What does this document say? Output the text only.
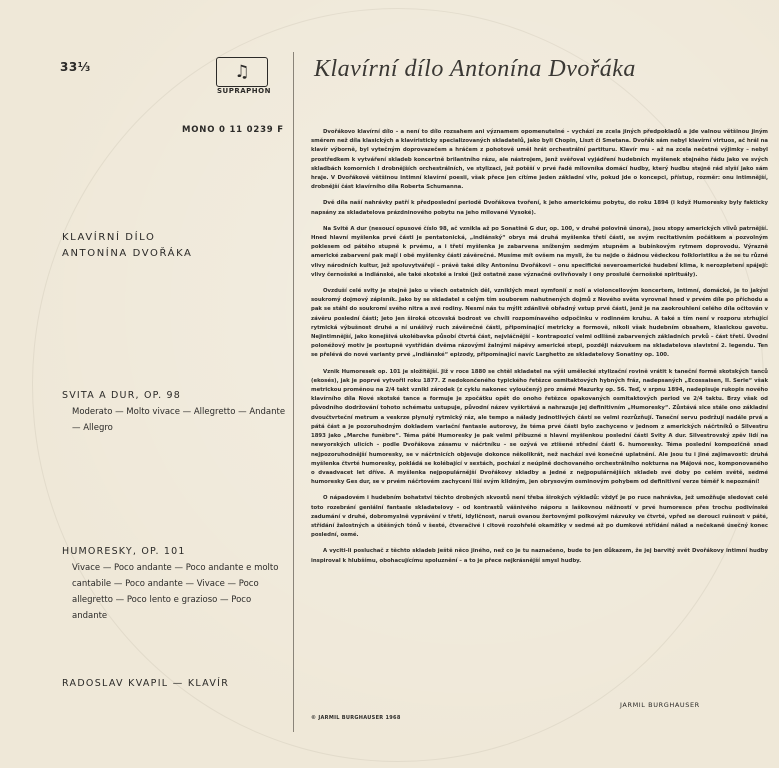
33⅓	♫
SUPRAPHON
MONO 0 11 0239 F
KLAVÍRNÍ DÍLO
ANTONÍNA DVOŘÁKA
SVITA A DUR, OP. 98
Moderato — Molto vivace — Allegretto — Andante — Allegro
HUMORESKY, OP. 101
Vivace — Poco andante — Poco andante e molto cantabile — Poco andante — Vivace — Poco allegretto — Poco lento e grazioso — Poco andante
RADOSLAV KVAPIL — KLAVÍR
Klavírní dílo Antonína Dvořáka

Dvořákovo klavírní dílo – a není to dílo rozsahem ani významem opomenutelné – vychází ze zcela jiných předpokladů a jde valnou většinou jiným směrem než díla klasických a klavíristicky specializovaných skladatelů, jako byli Chopin, Liszt či Smetana. Dvořák sám nebyl klavírní virtuos, ač hrál na klavír výborně, byl vytečným doprovazečem a hráčem z pohotově uměl hrát orchestrální partituru. Klavír mu – až na zcela nečetné výjimky – nebyl prostředkem k vytváření skladeb koncertně brilantního rázu, ale nástrojem, jenž svěřoval vyjádření hudebních myšlenek stejného řádu jako ve svých skladbách komorních i drobnějších orchestrálních, ve stylizaci, jež potěší v prvé řadě milovníka domácí hudby, který hudbu stejně rád slyší jako sám hraje. V Dvořákově většinou intimní klavírní poesii, však přece jen cítíme jeden základní vliv, pokud jde o koncepci, přístup, rozměr: onu intimnější, drobnější část klavírního díla Roberta Schumanna.

Dvě díla naší nahrávky patří k předposlední periodě Dvořákova tvoření, k jeho americkému pobytu, do roku 1894 (i když Humoresky byly fakticky napsány za skladatelova prázdninového pobytu na jeho milované Vysoké).

Na Svitě A dur (nesoucí opusové číslo 98, ač vznikla až po Sonatině G dur, op. 100, v druhé polovině února), jsou stopy amerických vlivů patrnější. Hned hlavní myšlenka prvé části je pentatonická, „indiánský“ obrys má druhá myšlenka třetí části, se svým recitativním počátkem a pozvolným poklesem od pátého stupně k prvému, a i třetí myšlenka je zabarvena sníženým sedmým stupněm a bubínkovým rytmem doprovodu. Výrazně americké zabarvení pak mají i obě myšlenky části závěrečné. Musíme mít ovšem na mysli, že tu nejde o žádnou vědeckou folkloristiku a že se tu různé vlivy národních kultur, jež spoluvytvářejí – právě také díky Antonínu Dvořákovi – onu specifické severoamerické hudební klima, k nerozpletení spájejí: vlivy černošské a indiánské, ale také skotské a irské (jež ostatně zase význačně ovlivňovaly i ony proslulé černošské spirituály).

Ovzduší celé svity je stejně jako u všech ostatních děl, vzniklých mezi symfonií z nolí a violoncellovým koncertem, intimní, domácké, je to jakýsi soukromý dojmový zápisník. Jako by se skladatel s celým tím souborem nahutnených dojmů z Nového světa vyrovnal hned v prvém díle po příchodu a pak se stáhl do soukromí svého nitra a své rodiny. Nesmí nás tu mýlit zdánlivě obřadný vstup prvé části, jenž je na zaokrouhlení celého díla očitován v závěru poslední části; jeto jen široká otcovská bodrost ve chvíli rozpomínavého odpočinku v rodinném kruhu. A také s tím není v rozporu strhující rytmická výbušnost druhé a ní unášivý ruch závěrečné části, připomínající metricky a formově, nikoli však hudebním obsahem, klasickou gavotu. Nejintimnější, jako konejšivá ukolébavka působí čtvrtá část, nejvláčnější – kontrapozicí velmi odlišně zabarvených základních prvků – část třetí. Úvodní polonéžový motiv je postupně vystřídán dvěma rázovými žalnými nápěvy americké stepi, později názvukem na skladatelova slavistní 2. legendu. Ten se přelévá do nové varianty prvé „indiánské“ epizody, připomínající navíc Larghetto ze skladatelovy Sonatiny op. 100.

Vznik Humoresek op. 101 je složitější. Již v roce 1880 se chtěl skladatel na výši umělecké stylizační rovině vrátit k taneční formě skotských tanců (ekosés), jak je poprvé vytvořil roku 1877. Z nedokončeného typického řetězce osmitaktových hybných fráz, nadepsaných „Ecossaisen, II. Serie“ však metrickou proměnou na 2/4 takt vznikl zárodek (z cyklu nakonec vyloučený) pro známé Mazurky op. 56. Teď, v srpnu 1894, nadepisuje rukopis nového klavírního díla Nové skotské tance a formuje je zpočátku opět do onoho řetězce opakovaných osmitaktových period ve 2/4 taktu. Brzy však od původního dodržování tohoto schématu ustupuje, původní název vyškrtává a nahrazuje jej definitivním „Humoresky“. Zůstává sice stále ono základní dvoučtvrteční metrum a veskrze plynulý rytmický ráz, ale tempo a nálady jednotlivých částí se velmi rozrůzňují. Taneční servu podržují nadále prvá a pátá část a je pozoruhodným dokladem variační fantasie autorovy, že téma prvé části bylo zachyceno v jednom z amerických náčrtníků o Silvestru 1893 jako „Marche funèbre“. Téma páté Humoresky je pak velmi příbuzné s hlavní myšlenkou poslední části Svity A dur. Silvestrovský zpěv lidí na newyorských ulicích – podle Dvořákova zásamu v náčrtníku – se ozývá ve ztišené střední části 6. humoresky. Téma poslední kompozičně snad nejpozoruhodnější humoresky, se v náčrtnicích objevuje dokonce několikrát, než nachází své konečné uplatnění. Ale jsou tu i jiné zajímavosti: druhá myšlenka čtvrté humoresky, pokládá se kolébající v sextách, pochází z neúplně dochovaného orchestrálního nokturna na Májová noc, komponovaného o dvaadvacet let dříve. A myšlenka nejpopulárnější Dvořákovy skladby a jedné z nejpopulárnějších skladeb své doby po celém světě, sedmé humoresky Ges dur, se v prvém náčrtovém zachycení liší svým klidným, jen obrysovým osminovým pohybem od definitivní verze téměř k nepoznání!

O nápadovém i hudebním bohatství těchto drobných skvostů není třeba širokých výkladů: vždyť je po ruce nahrávka, jež umožňuje sledovat celé toto rozebrání geniální fantasie skladatelovy – od kontrastů vášnivého náporu s laškovnou něžností v prvé humoresce přes trochu podivínské zadumání v druhé, dobromyslně vyprávění v třetí, idyličnost, naruš ovanou žertovnými polkovými názvuky ve čtvrté, vpřed se derouci rušnost v páté, střídání žalostných a útěšných tónů v šesté, čtveračivé i citově rozohřelé okamžiky v sedmé až po dumkové střídání nálad a nečekaně úsečný konec poslední, osmé.

A vyciti-li posluchač z těchto skladeb ještě něco jiného, než co je tu naznačeno, bude to jen důkazem, že jej barvitý svět Dvořákovy intimní hudby inspiroval k hlubšímu, obohacujícímu spoluznění – a to je přece nejkrásnější smysl hudby.

JARMIL BURGHAUSER
© JARMIL BURGHAUSER 1968
